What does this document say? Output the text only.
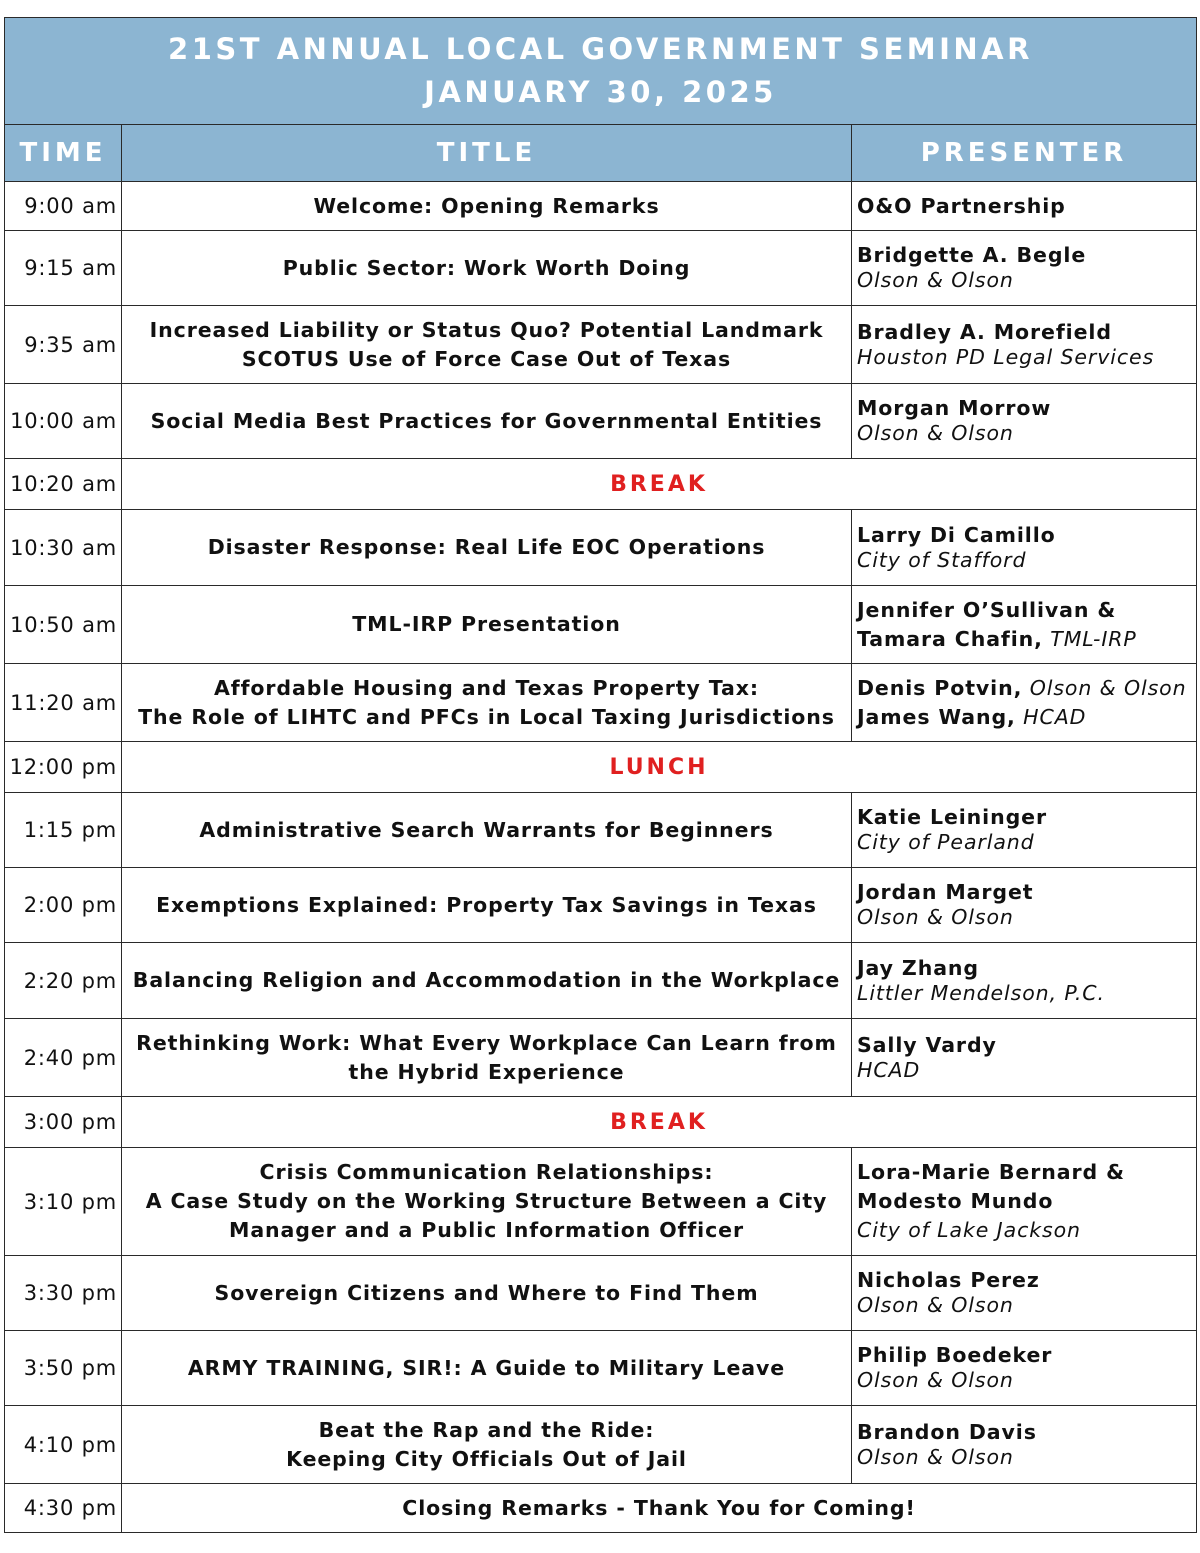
21ST ANNUAL LOCAL GOVERNMENT SEMINAR
JANUARY 30, 2025		

TIME	TITLE	PRESENTER
9:00 am	Welcome: Opening Remarks	O&O Partnership

9:15 am	Public Sector: Work Worth Doing	Bridgette A. Begle
Olson & Olson

9:35 am	Increased Liability or Status Quo? Potential Landmark
SCOTUS Use of Force Case Out of Texas	Bradley A. Morefield
Houston PD Legal Services

10:00 am	Social Media Best Practices for Governmental Entities	Morgan Morrow
Olson & Olson

10:20 am	BREAK	
10:30 am	Disaster Response: Real Life EOC Operations	Larry Di Camillo
City of Stafford

10:50 am	TML-IRP Presentation	Jennifer O’Sullivan &
Tamara Chafin, TML-IRP

11:20 am	Affordable Housing and Texas Property Tax:
The Role of LIHTC and PFCs in Local Taxing Jurisdictions	Denis Potvin, Olson & Olson
James Wang, HCAD

12:00 pm	LUNCH	
1:15 pm	Administrative Search Warrants for Beginners	Katie Leininger
City of Pearland

2:00 pm	Exemptions Explained: Property Tax Savings in Texas	Jordan Marget
Olson & Olson

2:20 pm	Balancing Religion and Accommodation in the Workplace	Jay Zhang
Littler Mendelson, P.C.

2:40 pm	Rethinking Work: What Every Workplace Can Learn from
the Hybrid Experience	Sally Vardy
HCAD

3:00 pm	BREAK	
3:10 pm	Crisis Communication Relationships:
A Case Study on the Working Structure Between a City
Manager and a Public Information Officer	Lora-Marie Bernard &
Modesto Mundo
City of Lake Jackson

3:30 pm	Sovereign Citizens and Where to Find Them	Nicholas Perez
Olson & Olson

3:50 pm	ARMY TRAINING, SIR!: A Guide to Military Leave	Philip Boedeker
Olson & Olson

4:10 pm	Beat the Rap and the Ride:
Keeping City Officials Out of Jail	Brandon Davis
Olson & Olson

4:30 pm	Closing Remarks - Thank You for Coming!	
